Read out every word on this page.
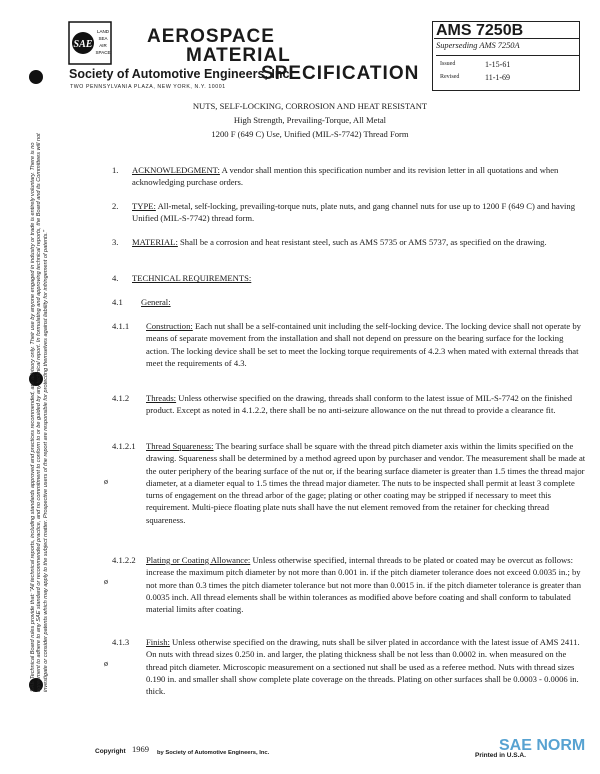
SAE Technical Board rules provide that: "All technical reports, including standards approved and practices recommended, are advisory only. Their use by anyone engaged in industry or trade is entirely voluntary. There is no agreement to adhere to any SAE standard or recommended practice, and no commitment to conform to or be guided by any technical report. In formulating and approving technical reports, the Board and its Committees will not investigate or consider patents which may apply to the subject matter. Prospective users of the report are responsible for protecting themselves against liability for infringement of patents."
SAE
LAND
SEA
AIR
SPACE
AEROSPACE
MATERIAL
SPECIFICATION
Society of Automotive Engineers, Inc.
TWO PENNSYLVANIA PLAZA, NEW YORK, N.Y. 10001
AMS 7250B
Superseding AMS 7250A
Issued	1-15-61
Revised	11-1-69
NUTS, SELF-LOCKING, CORROSION AND HEAT RESISTANT
High Strength, Prevailing-Torque, All Metal
1200 F (649 C) Use, Unified (MIL-S-7742) Thread Form
1. ACKNOWLEDGMENT: A vendor shall mention this specification number and its revision letter in all quotations and when acknowledging purchase orders.
2. TYPE: All-metal, self-locking, prevailing-torque nuts, plate nuts, and gang channel nuts for use up to 1200 F (649 C) and having Unified (MIL-S-7742) thread form.
3. MATERIAL: Shall be a corrosion and heat resistant steel, such as AMS 5735 or AMS 5737, as specified on the drawing.
4. TECHNICAL REQUIREMENTS:
4.1 General:
4.1.1 Construction: Each nut shall be a self-contained unit including the self-locking device. The locking device shall not operate by means of separate movement from the installation and shall not depend on pressure on the bearing surface for the locking action. The locking device shall be set to meet the locking torque requirements of 4.2.3 when mated with external threads that meet the requirements of 4.3.
4.1.2 Threads: Unless otherwise specified on the drawing, threads shall conform to the latest issue of MIL-S-7742 on the finished product. Except as noted in 4.1.2.2, there shall be no anti-seizure allowance on the nut thread to provide a clearance fit.
4.1.2.1 Thread Squareness: The bearing surface shall be square with the thread pitch diameter axis within the limits specified on the drawing. Squareness shall be determined by a method agreed upon by purchaser and vendor. The measurement shall be made at the outer periphery of the bearing surface of the nut or, if the bearing surface diameter is greater than 1.5 times the thread major diameter, at a diameter equal to 1.5 times the thread major diameter. The nuts to be inspected shall permit at least 3 complete turns of engagement on the thread arbor of the gage; plating or other coating may be stripped if necessary to meet this requirement. Multi-piece floating plate nuts shall have the nut element removed from the retainer for checking thread squareness.
ø
4.1.2.2 Plating or Coating Allowance: Unless otherwise specified, internal threads to be plated or coated may be overcut as follows: increase the maximum pitch diameter by not more than 0.001 in. if the pitch diameter tolerance does not exceed 0.0035 in.; by not more than 0.3 times the pitch diameter tolerance but not more than 0.0015 in. if the pitch diameter tolerance is greater than 0.0035 inch. All thread elements shall be within tolerances as modified above before coating and shall conform to tabulated material limits after coating.
ø
4.1.3 Finish: Unless otherwise specified on the drawing, nuts shall be silver plated in accordance with the latest issue of AMS 2411. On nuts with thread sizes 0.250 in. and larger, the plating thickness shall be not less than 0.0002 in. when measured on the thread pitch diameter. Microscopic measurement on a sectioned nut shall be used as a referee method. Nuts with thread sizes 0.190 in. and smaller shall show complete plate coverage on the threads. Plating on other surfaces shall be 0.0003 - 0.0006 in. thick.
ø
Copyright 1969 by Society of Automotive Engineers, Inc.	Printed in U.S.A.
SAE NORM
